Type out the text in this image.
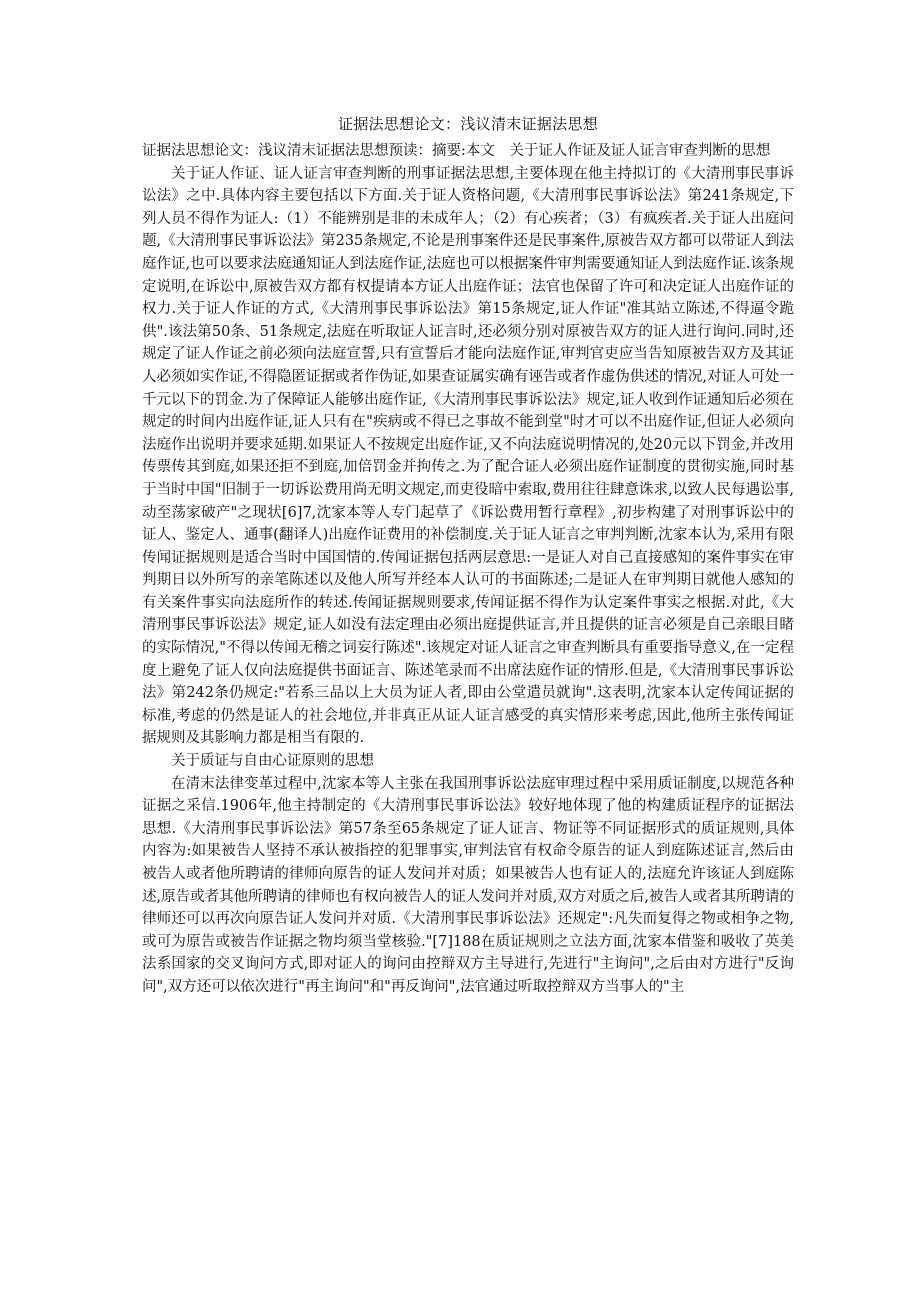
证据法思想论文：浅议清末证据法思想

证据法思想论文：浅议清末证据法思想预读：摘要:本文　关于证人作证及证人证言审查判断的思想

关于证人作证、证人证言审查判断的刑事证据法思想,主要体现在他主持拟订的《大清刑事民事诉讼法》之中.具体内容主要包括以下方面.关于证人资格问题,《大清刑事民事诉讼法》第241条规定,下列人员不得作为证人:（1）不能辨别是非的未成年人；（2）有心疾者；（3）有疯疾者.关于证人出庭问题,《大清刑事民事诉讼法》第235条规定,不论是刑事案件还是民事案件,原被告双方都可以带证人到法庭作证,也可以要求法庭通知证人到法庭作证,法庭也可以根据案件审判需要通知证人到法庭作证.该条规定说明,在诉讼中,原被告双方都有权提请本方证人出庭作证；法官也保留了许可和决定证人出庭作证的权力.关于证人作证的方式,《大清刑事民事诉讼法》第15条规定,证人作证"准其站立陈述,不得逼令跪供".该法第50条、51条规定,法庭在听取证人证言时,还必须分别对原被告双方的证人进行询问.同时,还规定了证人作证之前必须向法庭宣誓,只有宣誓后才能向法庭作证,审判官吏应当告知原被告双方及其证人必须如实作证,不得隐匿证据或者作伪证,如果查证属实确有诬告或者作虚伪供述的情况,对证人可处一千元以下的罚金.为了保障证人能够出庭作证,《大清刑事民事诉讼法》规定,证人收到作证通知后必须在规定的时间内出庭作证,证人只有在"疾病或不得已之事故不能到堂"时才可以不出庭作证,但证人必须向法庭作出说明并要求延期.如果证人不按规定出庭作证,又不向法庭说明情况的,处20元以下罚金,并改用传票传其到庭,如果还拒不到庭,加倍罚金并拘传之.为了配合证人必须出庭作证制度的贯彻实施,同时基于当时中国"旧制于一切诉讼费用尚无明文规定,而吏役暗中索取,费用往往肆意诛求,以致人民每遇讼事,动至荡家破产"之现状[6]7,沈家本等人专门起草了《诉讼费用暂行章程》,初步构建了对刑事诉讼中的证人、鉴定人、通事(翻译人)出庭作证费用的补偿制度.关于证人证言之审判判断,沈家本认为,采用有限传闻证据规则是适合当时中国国情的.传闻证据包括两层意思:一是证人对自己直接感知的案件事实在审判期日以外所写的亲笔陈述以及他人所写并经本人认可的书面陈述;二是证人在审判期日就他人感知的有关案件事实向法庭所作的转述.传闻证据规则要求,传闻证据不得作为认定案件事实之根据.对此,《大清刑事民事诉讼法》规定,证人如没有法定理由必须出庭提供证言,并且提供的证言必须是自己亲眼目睹的实际情况,"不得以传闻无稽之词妄行陈述".该规定对证人证言之审查判断具有重要指导意义,在一定程度上避免了证人仅向法庭提供书面证言、陈述笔录而不出席法庭作证的情形.但是,《大清刑事民事诉讼法》第242条仍规定:"若系三品以上大员为证人者,即由公堂遣员就询".这表明,沈家本认定传闻证据的标准,考虑的仍然是证人的社会地位,并非真正从证人证言感受的真实情形来考虑,因此,他所主张传闻证据规则及其影响力都是相当有限的.

关于质证与自由心证原则的思想

在清末法律变革过程中,沈家本等人主张在我国刑事诉讼法庭审理过程中采用质证制度,以规范各种证据之采信.1906年,他主持制定的《大清刑事民事诉讼法》较好地体现了他的构建质证程序的证据法思想.《大清刑事民事诉讼法》第57条至65条规定了证人证言、物证等不同证据形式的质证规则,具体内容为:如果被告人坚持不承认被指控的犯罪事实,审判法官有权命令原告的证人到庭陈述证言,然后由被告人或者他所聘请的律师向原告的证人发问并对质；如果被告人也有证人的,法庭允许该证人到庭陈述,原告或者其他所聘请的律师也有权向被告人的证人发问并对质,双方对质之后,被告人或者其所聘请的律师还可以再次向原告证人发问并对质.《大清刑事民事诉讼法》还规定":凡失而复得之物或相争之物,或可为原告或被告作证据之物均须当堂核验."[7]188在质证规则之立法方面,沈家本借鉴和吸收了英美法系国家的交叉询问方式,即对证人的询问由控辩双方主导进行,先进行"主询问",之后由对方进行"反询问",双方还可以依次进行"再主询问"和"再反询问",法官通过听取控辩双方当事人的"主
